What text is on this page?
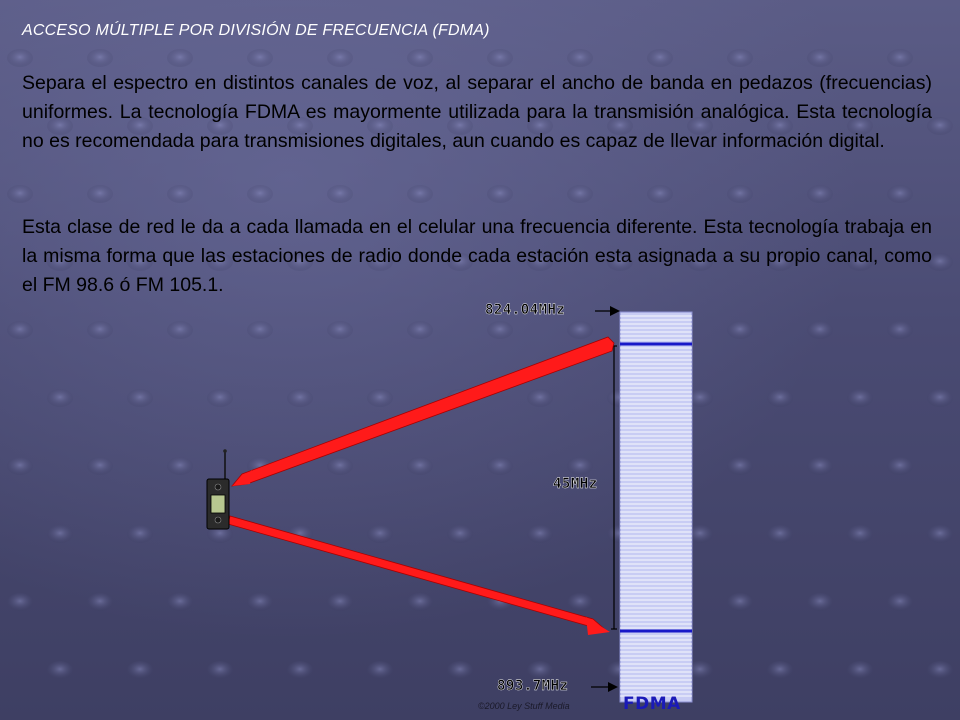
ACCESO MÚLTIPLE POR DIVISIÓN DE FRECUENCIA (FDMA)
Separa el espectro en distintos canales de voz, al separar el ancho de banda en pedazos (frecuencias) uniformes. La tecnología FDMA es mayormente utilizada para la transmisión analógica. Esta tecnología no es recomendada para transmisiones digitales, aun cuando es capaz de llevar información digital.
Esta clase de red le da a cada llamada en el celular una frecuencia diferente. Esta tecnología trabaja en la misma forma que las estaciones de radio donde cada estación esta asignada a su propio canal, como el FM 98.6 ó FM 105.1.
824.04MHz
45MHz
893.7MHz
FDMA
©2000 Ley Stuff Media
